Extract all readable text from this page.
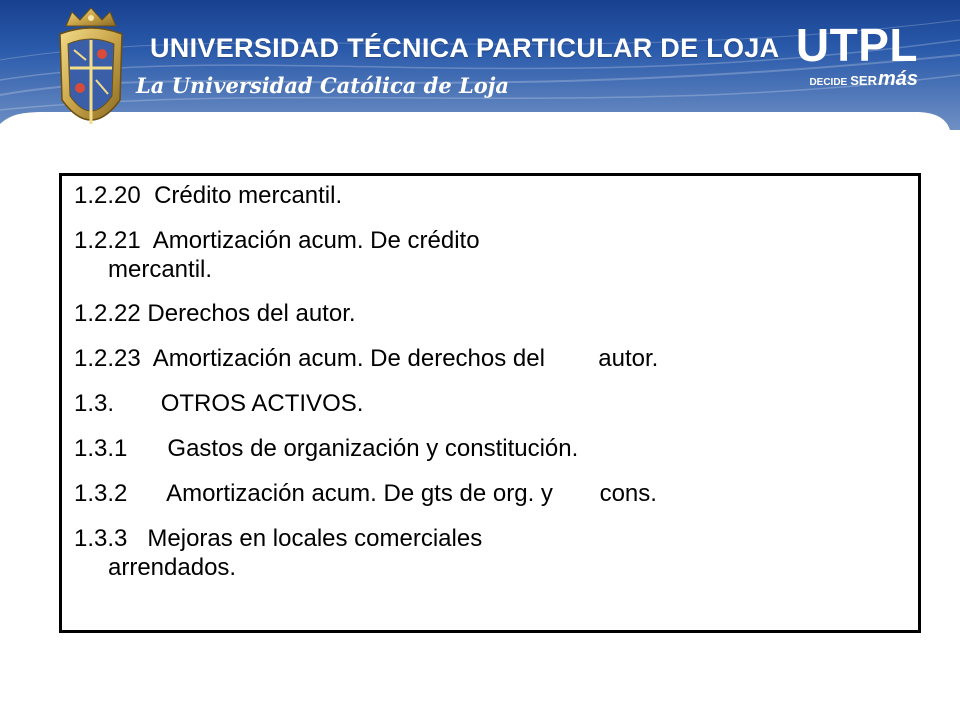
UNIVERSIDAD TÉCNICA PARTICULAR DE LOJA
La Universidad Católica de Loja
UTPL
DECIDE SERmás
1.2.20  Crédito mercantil.
1.2.21  Amortización acum. De crédito
mercantil.
1.2.22 Derechos del autor.
1.2.23  Amortización acum. De derechos del        autor.
1.3.       OTROS ACTIVOS.
1.3.1      Gastos de organización y constitución.
1.3.2      Amortización acum. De gts de org. y       cons.
1.3.3   Mejoras en locales comerciales
arrendados.
